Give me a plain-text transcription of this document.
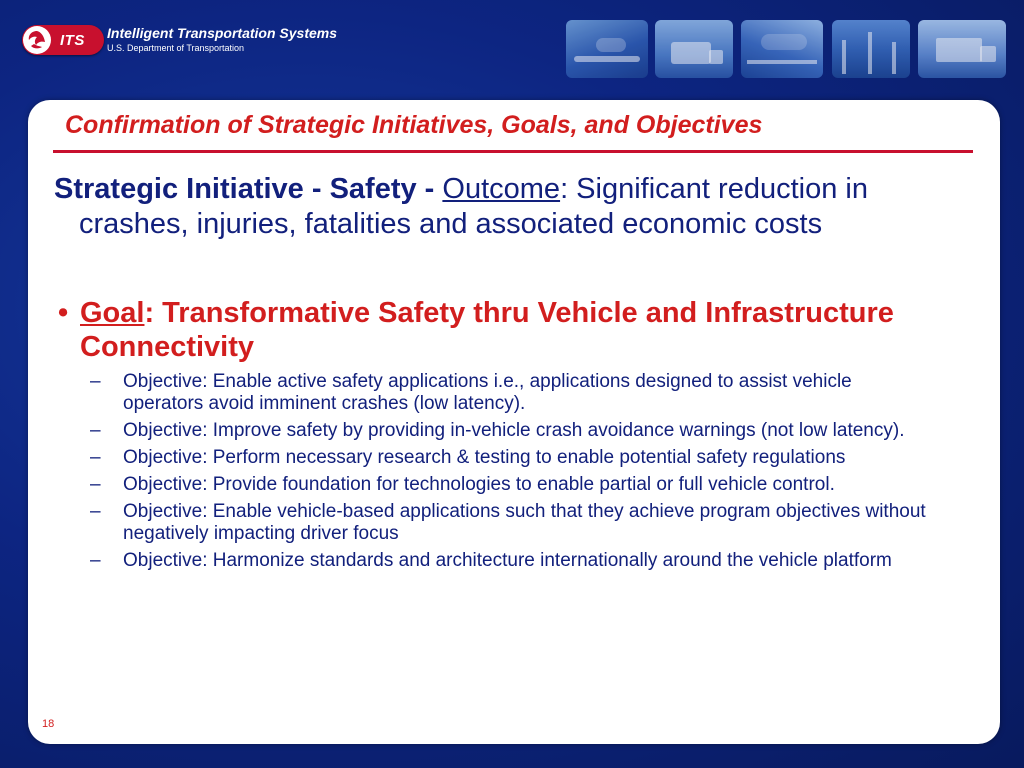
ITS Intelligent Transportation Systems
U.S. Department of Transportation
Confirmation of Strategic Initiatives, Goals, and Objectives
Strategic Initiative - Safety - Outcome: Significant reduction in crashes, injuries, fatalities and associated economic costs
• Goal: Transformative Safety thru Vehicle and Infrastructure Connectivity
– Objective: Enable active safety applications i.e., applications designed to assist vehicle operators avoid imminent crashes (low latency).
– Objective: Improve safety by providing in-vehicle crash avoidance warnings (not low latency).
– Objective: Perform necessary research & testing to enable potential safety regulations
– Objective: Provide foundation for technologies to enable partial or full vehicle control.
– Objective: Enable vehicle-based applications such that they achieve program objectives without negatively impacting driver focus
– Objective: Harmonize standards and architecture internationally around the vehicle platform
18
